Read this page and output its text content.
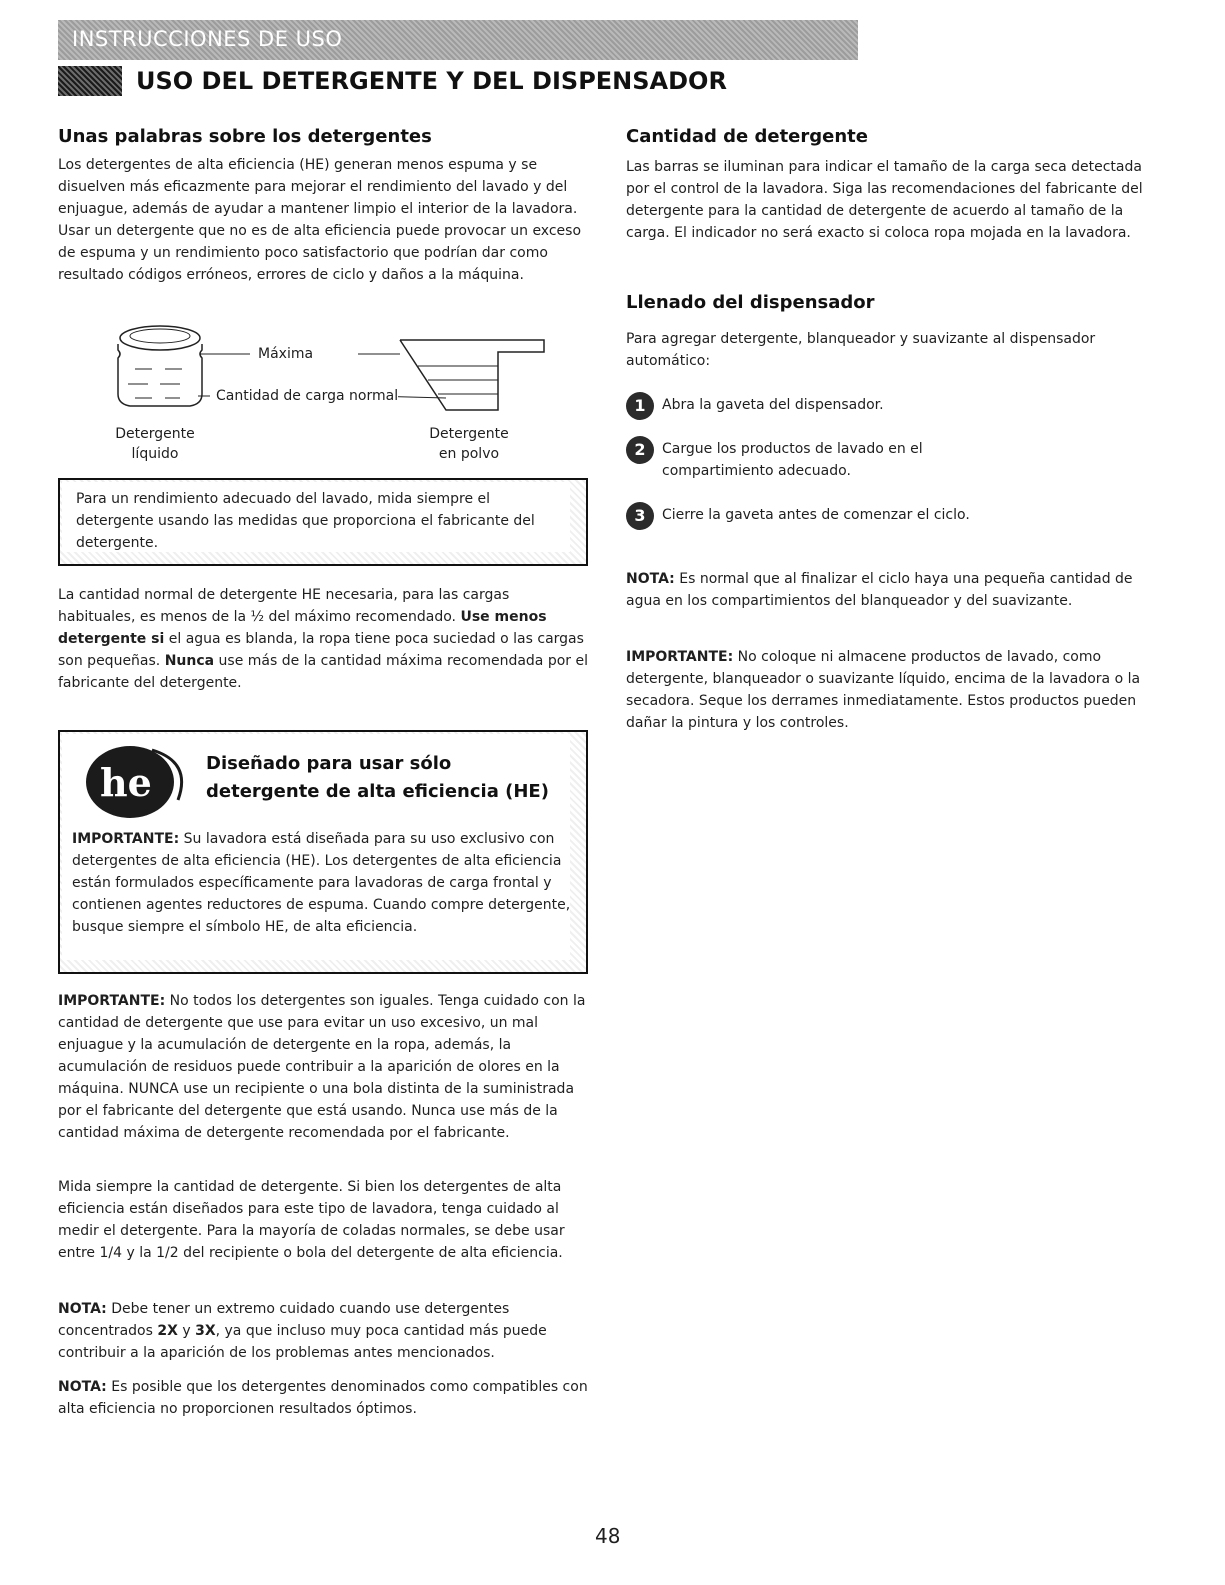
INSTRUCCIONES DE USO
USO DEL DETERGENTE Y DEL DISPENSADOR
Unas palabras sobre los detergentes

Los detergentes de alta eficiencia (HE) generan menos espuma y se disuelven más eficazmente para mejorar el rendimiento del lavado y del enjuague, además de ayudar a mantener limpio el interior de la lavadora. Usar un detergente que no es de alta eficiencia puede provocar un exceso de espuma y un rendimiento poco satisfactorio que podrían dar como resultado códigos erróneos, errores de ciclo y daños a la máquina.

Máxima
Cantidad de carga normal
Detergente
líquido
Detergente
en polvo

Para un rendimiento adecuado del lavado, mida siempre el detergente usando las medidas que proporciona el fabricante del detergente.

La cantidad normal de detergente HE necesaria, para las cargas habituales, es menos de la ½ del máximo recomendado. Use menos detergente si el agua es blanda, la ropa tiene poca suciedad o las cargas son pequeñas. Nunca use más de la cantidad máxima recomendada por el fabricante del detergente.

he	Diseñado para usar sólo
detergente de alta eficiencia (HE)

IMPORTANTE: Su lavadora está diseñada para su uso exclusivo con detergentes de alta eficiencia (HE). Los detergentes de alta eficiencia están formulados específicamente para lavadoras de carga frontal y contienen agentes reductores de espuma. Cuando compre detergente, busque siempre el símbolo HE, de alta eficiencia.

IMPORTANTE: No todos los detergentes son iguales. Tenga cuidado con la cantidad de detergente que use para evitar un uso excesivo, un mal enjuague y la acumulación de detergente en la ropa, además, la acumulación de residuos puede contribuir a la aparición de olores en la máquina. NUNCA use un recipiente o una bola distinta de la suministrada por el fabricante del detergente que está usando. Nunca use más de la cantidad máxima de detergente recomendada por el fabricante.

Mida siempre la cantidad de detergente. Si bien los detergentes de alta eficiencia están diseñados para este tipo de lavadora, tenga cuidado al medir el detergente. Para la mayoría de coladas normales, se debe usar entre 1/4 y la 1/2 del recipiente o bola del detergente de alta eficiencia.

NOTA: Debe tener un extremo cuidado cuando use detergentes concentrados 2X y 3X, ya que incluso muy poca cantidad más puede contribuir a la aparición de los problemas antes mencionados.

NOTA: Es posible que los detergentes denominados como compatibles con alta eficiencia no proporcionen resultados óptimos.

Cantidad de detergente

Las barras se iluminan para indicar el tamaño de la carga seca detectada por el control de la lavadora. Siga las recomendaciones del fabricante del detergente para la cantidad de detergente de acuerdo al tamaño de la carga. El indicador no será exacto si coloca ropa mojada en la lavadora.

Llenado del dispensador

Para agregar detergente, blanqueador y suavizante al dispensador automático:

1	Abra la gaveta del dispensador.
2	Cargue los productos de lavado en el compartimiento adecuado.
3	Cierre la gaveta antes de comenzar el ciclo.

NOTA: Es normal que al finalizar el ciclo haya una pequeña cantidad de agua en los compartimientos del blanqueador y del suavizante.

IMPORTANTE: No coloque ni almacene productos de lavado, como detergente, blanqueador o suavizante líquido, encima de la lavadora o la secadora. Seque los derrames inmediatamente. Estos productos pueden dañar la pintura y los controles.

48
